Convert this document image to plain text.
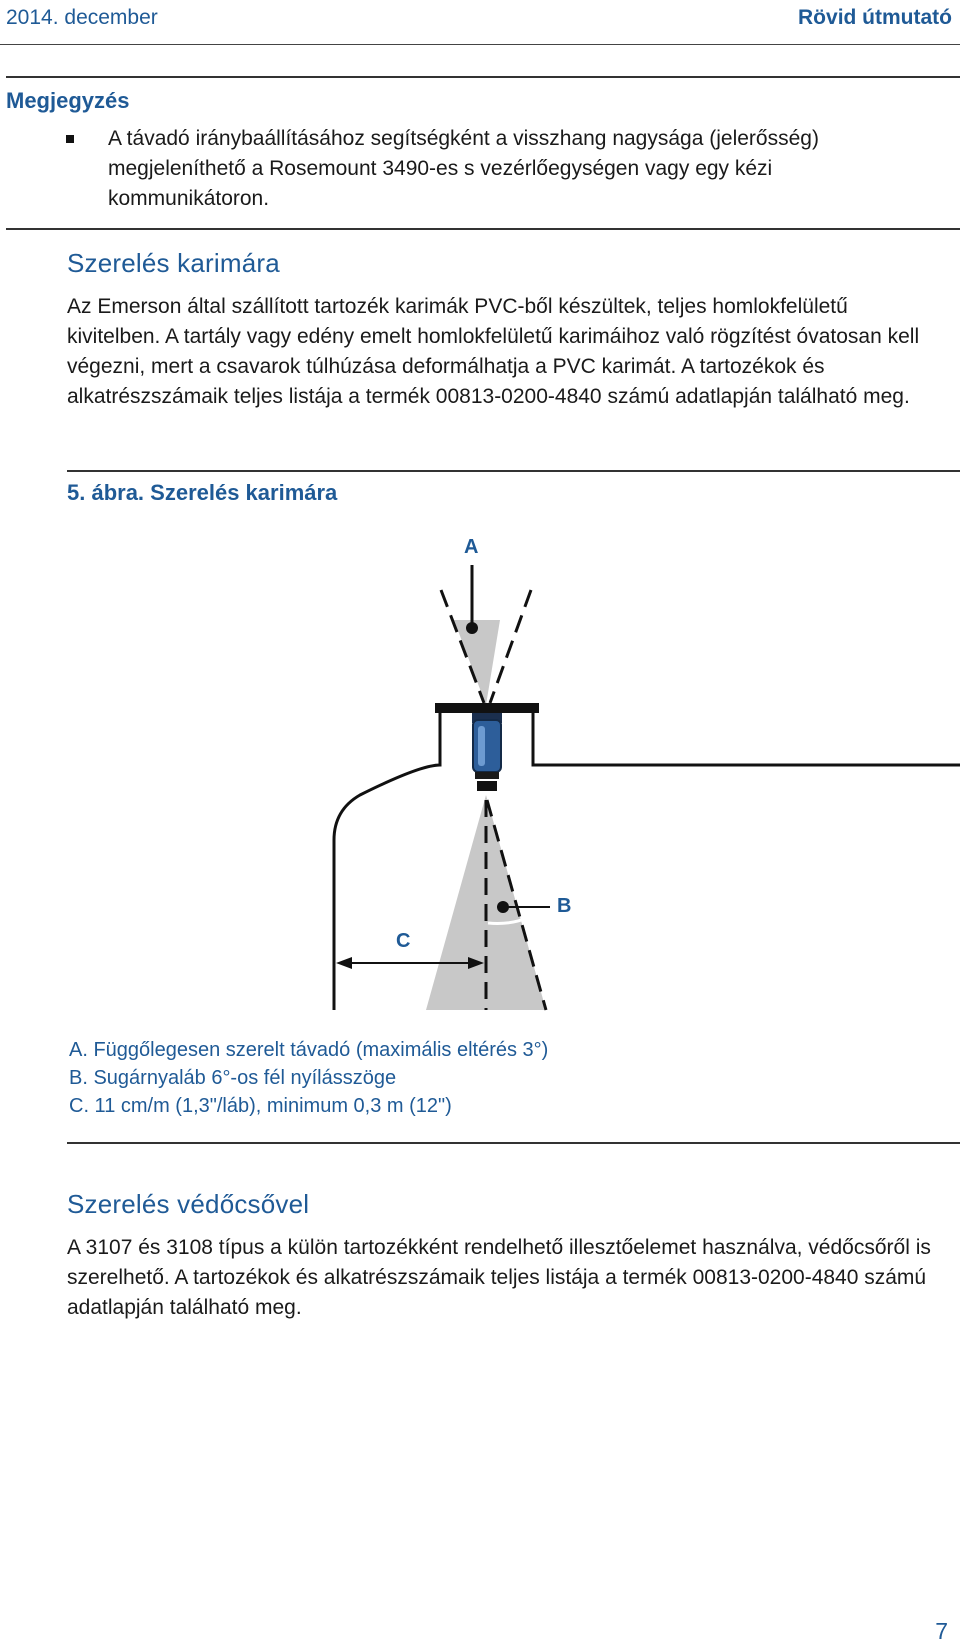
2014. december	Rövid útmutató
Megjegyzés
A távadó iránybaállításához segítségként a visszhang nagysága (jelerősség) megjeleníthető a Rosemount 3490-es s vezérlőegységen vagy egy kézi kommunikátoron.
Szerelés karimára
Az Emerson által szállított tartozék karimák PVC-ből készültek, teljes homlokfelületű kivitelben. A tartály vagy edény emelt homlokfelületű karimáihoz való rögzítést óvatosan kell végezni, mert a csavarok túlhúzása deformálhatja a PVC karimát. A tartozékok és alkatrészszámaik teljes listája a termék 00813-0200-4840 számú adatlapján található meg.
5. ábra. Szerelés karimára
A
B
C
A. Függőlegesen szerelt távadó (maximális eltérés 3°)
B. Sugárnyaláb 6°-os fél nyílásszöge
C. 11 cm/m (1,3"/láb), minimum 0,3 m (12")
Szerelés védőcsővel
A 3107 és 3108 típus a külön tartozékként rendelhető illesztőelemet használva, védőcsőről is szerelhető. A tartozékok és alkatrészszámaik teljes listája a termék 00813-0200-4840 számú adatlapján található meg.
7
